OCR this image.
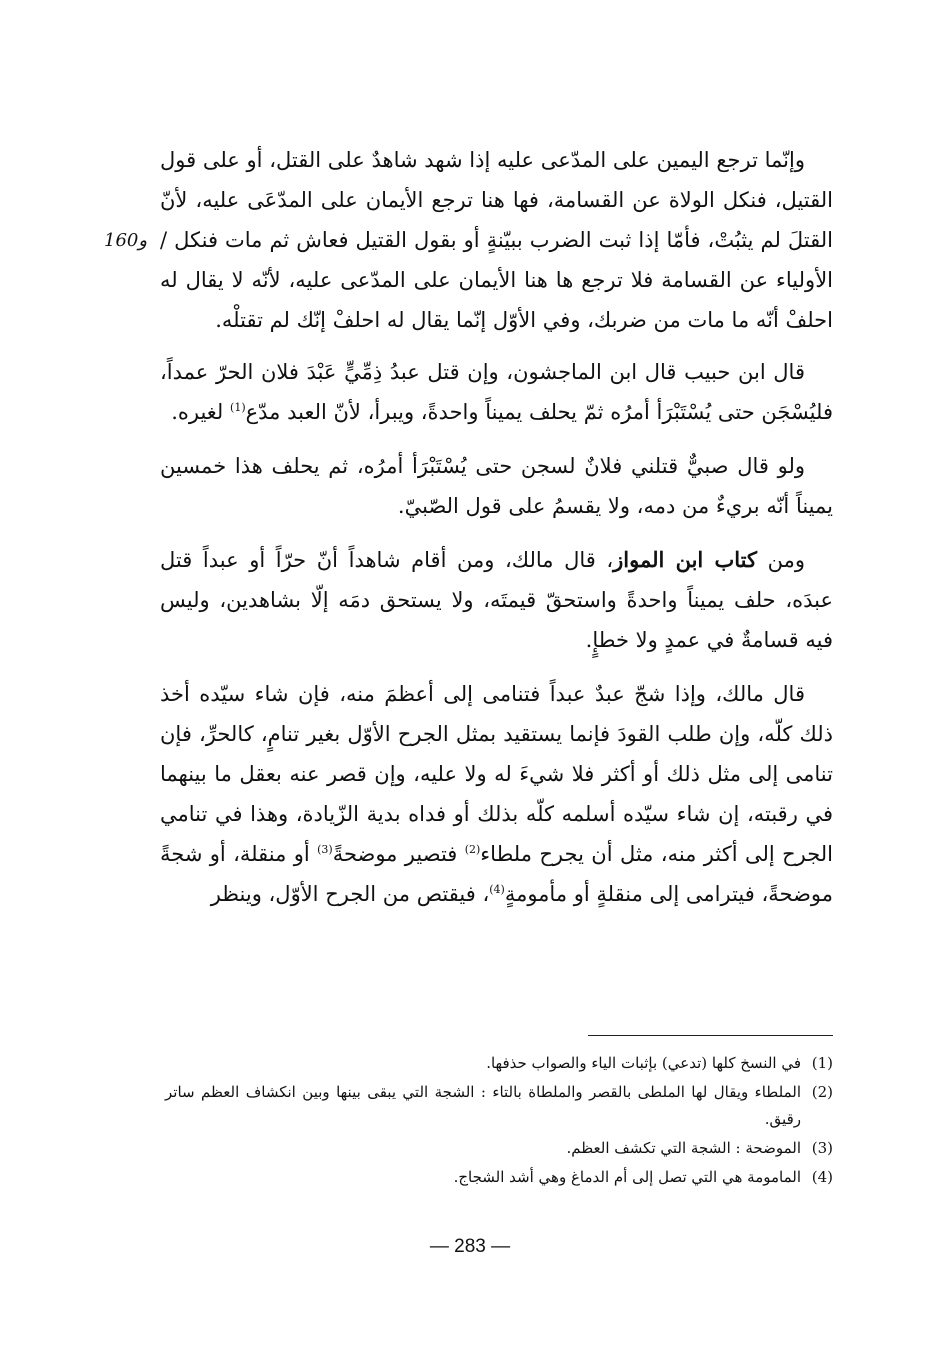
160و

وإنّما ترجع اليمين على المدّعى عليه إذا شهد شاهدٌ على القتل، أو على قول القتيل، فنكل الولاة عن القسامة، فها هنا ترجع الأيمان على المدّعَى عليه، لأنّ القتلَ لم يثبُتْ، فأمّا إذا ثبت الضرب ببيّنةٍ أو بقول القتيل فعاش ثم مات فنكل / الأولياء عن القسامة فلا ترجع ها هنا الأيمان على المدّعى عليه، لأنّه لا يقال له احلفْ أنّه ما مات من ضربك، وفي الأوّل إنّما يقال له احلفْ إنّك لم تقتلْه.

قال ابن حبيب قال ابن الماجشون، وإن قتل عبدُ ذِمِّيٍّ عَبْدَ فلان الحرّ عمداً، فليُسْجَن حتى يُسْتَبْرَأ أمرُه ثمّ يحلف يميناً واحدةً، ويبرأ، لأنّ العبد مدّع$^{(1)}$ لغيره.

ولو قال صبيٌّ قتلني فلانٌ لسجن حتى يُسْتَبْرَأ أمرُه، ثم يحلف هذا خمسين يميناً أنّه بريءٌ من دمه، ولا يقسمُ على قول الصّبيّ.

ومن كتاب ابن المواز، قال مالك، ومن أقام شاهداً أنّ حرّاً أو عبداً قتل عبدَه، حلف يميناً واحدةً واستحقّ قيمتَه، ولا يستحق دمَه إلّا بشاهدين، وليس فيه قسامةٌ في عمدٍ ولا خطإٍ.

قال مالك، وإذا شجّ عبدٌ عبداً فتنامى إلى أعظمَ منه، فإن شاء سيّده أخذ ذلك كلّه، وإن طلب القودَ فإنما يستقيد بمثل الجرح الأوّل بغير تنامٍ، كالحرِّ، فإن تنامى إلى مثل ذلك أو أكثر فلا شيءَ له ولا عليه، وإن قصر عنه بعقل ما بينهما في رقبته، إن شاء سيّده أسلمه كلّه بذلك أو فداه بدية الزّيادة، وهذا في تنامي الجرح إلى أكثر منه، مثل أن يجرح ملطاء$^{(2)}$ فتصير موضحةً$^{(3)}$ أو منقلة، أو شجةً موضحةً، فيترامى إلى منقلةٍ أو مأمومةٍ$^{(4)}$، فيقتص من الجرح الأوّل، وينظر

(1)
في النسخ كلها (تدعي) بإثبات الياء والصواب حذفها.
(2)
الملطاء ويقال لها الملطى بالقصر والملطاة بالتاء : الشجة التي يبقى بينها وبين انكشاف العظم ساتر رقيق.
(3)
الموضحة : الشجة التي تكشف العظم.
(4)
المامومة هي التي تصل إلى أم الدماغ وهي أشد الشجاج.
— 283 —
